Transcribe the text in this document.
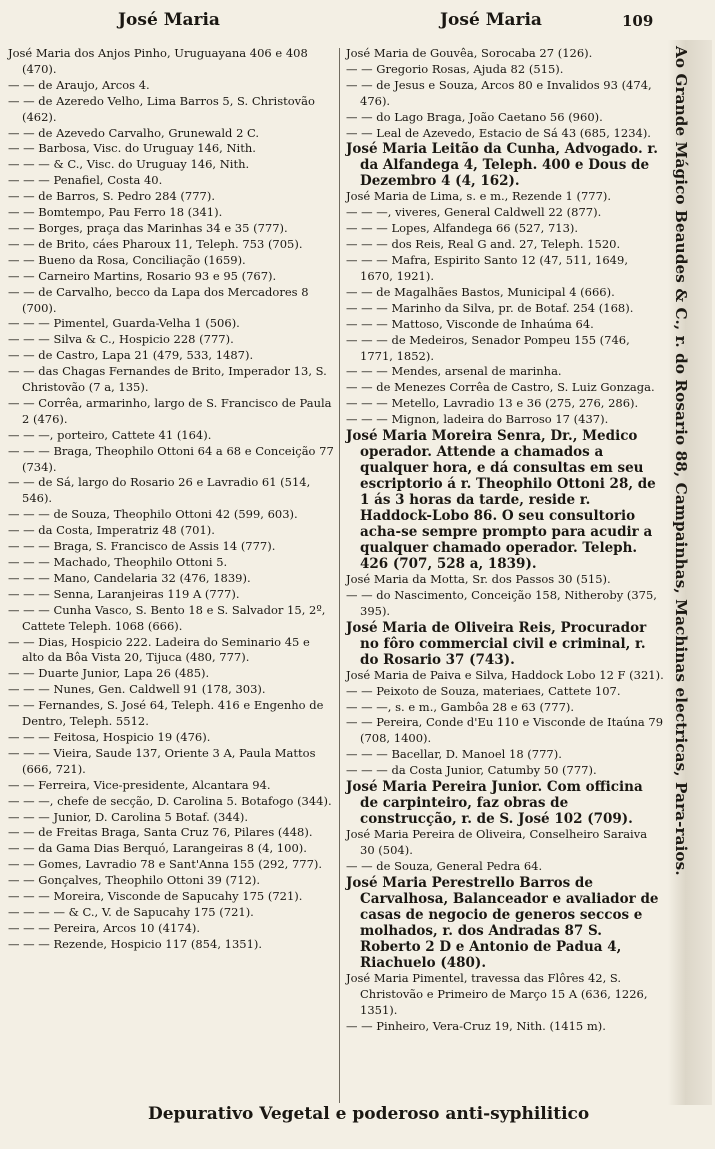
José Maria	José Maria	109

José Maria dos Anjos Pinho, Uruguayana 406 e 408 (470).

— — de Araujo, Arcos 4.

— — de Azeredo Velho, Lima Barros 5, S. Christovão (462).

— — de Azevedo Carvalho, Grunewald 2 C.

— — Barbosa, Visc. do Uruguay 146, Nith.

— — — & C., Visc. do Uruguay 146, Nith.

— — — Penafiel, Costa 40.

— — de Barros, S. Pedro 284 (777).

— — Bomtempo, Pau Ferro 18 (341).

— — Borges, praça das Marinhas 34 e 35 (777).

— — de Brito, cáes Pharoux 11, Teleph. 753 (705).

— — Bueno da Rosa, Conciliação (1659).

— — Carneiro Martins, Rosario 93 e 95 (767).

— — de Carvalho, becco da Lapa dos Mercadores 8 (700).

— — — Pimentel, Guarda-Velha 1 (506).

— — — Silva & C., Hospicio 228 (777).

— — de Castro, Lapa 21 (479, 533, 1487).

— — das Chagas Fernandes de Brito, Imperador 13, S. Christovão (7 a, 135).

— — Corrêa, armarinho, largo de S. Francisco de Paula 2 (476).

— — —, porteiro, Cattete 41 (164).

— — — Braga, Theophilo Ottoni 64 a 68 e Conceição 77 (734).

— — de Sá, largo do Rosario 26 e Lavradio 61 (514, 546).

— — — de Souza, Theophilo Ottoni 42 (599, 603).

— — da Costa, Imperatriz 48 (701).

— — — Braga, S. Francisco de Assis 14 (777).

— — — Machado, Theophilo Ottoni 5.

— — — Mano, Candelaria 32 (476, 1839).

— — — Senna, Laranjeiras 119 A (777).

— — — Cunha Vasco, S. Bento 18 e S. Salvador 15, 2º, Cattete Teleph. 1068 (666).

— — Dias, Hospicio 222. Ladeira do Seminario 45 e alto da Bôa Vista 20, Tijuca (480, 777).

— — Duarte Junior, Lapa 26 (485).

— — — Nunes, Gen. Caldwell 91 (178, 303).

— — Fernandes, S. José 64, Teleph. 416 e Engenho de Dentro, Teleph. 5512.

— — — Feitosa, Hospicio 19 (476).

— — — Vieira, Saude 137, Oriente 3 A, Paula Mattos (666, 721).

— — Ferreira, Vice-presidente, Alcantara 94.

— — —, chefe de secção, D. Carolina 5. Botafogo (344).

— — — Junior, D. Carolina 5 Botaf. (344).

— — de Freitas Braga, Santa Cruz 76, Pilares (448).

— — da Gama Dias Berquó, Larangeiras 8 (4, 100).

— — Gomes, Lavradio 78 e Sant'Anna 155 (292, 777).

— — Gonçalves, Theophilo Ottoni 39 (712).

— — — Moreira, Visconde de Sapucahy 175 (721).

— — — — & C., V. de Sapucahy 175 (721).

— — — Pereira, Arcos 10 (4174).

— — — Rezende, Hospicio 117 (854, 1351).

José Maria de Gouvêa, Sorocaba 27 (126).

— — Gregorio Rosas, Ajuda 82 (515).

— — de Jesus e Souza, Arcos 80 e Invalidos 93 (474, 476).

— — do Lago Braga, João Caetano 56 (960).

— — Leal de Azevedo, Estacio de Sá 43 (685, 1234).

José Maria Leitão da Cunha, Advogado. r. da Alfandega 4, Teleph. 400 e Dous de Dezembro 4 (4, 162).

José Maria de Lima, s. e m., Rezende 1 (777).

— — —, viveres, General Caldwell 22 (877).

— — — Lopes, Alfandega 66 (527, 713).

— — — dos Reis, Real G and. 27, Teleph. 1520.

— — — Mafra, Espirito Santo 12 (47, 511, 1649, 1670, 1921).

— — de Magalhães Bastos, Municipal 4 (666).

— — — Marinho da Silva, pr. de Botaf. 254 (168).

— — — Mattoso, Visconde de Inhaúma 64.

— — — de Medeiros, Senador Pompeu 155 (746, 1771, 1852).

— — — Mendes, arsenal de marinha.

— — de Menezes Corrêa de Castro, S. Luiz Gonzaga.

— — — Metello, Lavradio 13 e 36 (275, 276, 286).

— — — Mignon, ladeira do Barroso 17 (437).

José Maria Moreira Senra, Dr., Medico operador. Attende a chamados a qualquer hora, e dá consultas em seu escriptorio á r. Theophilo Ottoni 28, de 1 ás 3 horas da tarde, reside r. Haddock-Lobo 86. O seu consultorio acha-se sempre prompto para acudir a qualquer chamado operador. Teleph. 426 (707, 528 a, 1839).

José Maria da Motta, Sr. dos Passos 30 (515).

— — do Nascimento, Conceição 158, Nitheroby (375, 395).

José Maria de Oliveira Reis, Procurador no fôro commercial civil e criminal, r. do Rosario 37 (743).

José Maria de Paiva e Silva, Haddock Lobo 12 F (321).

— — Peixoto de Souza, materiaes, Cattete 107.

— — —, s. e m., Gambôa 28 e 63 (777).

— — Pereira, Conde d'Eu 110 e Visconde de Itaúna 79 (708, 1400).

— — — Bacellar, D. Manoel 18 (777).

— — — da Costa Junior, Catumby 50 (777).

José Maria Pereira Junior. Com officina de carpinteiro, faz obras de construcção, r. de S. José 102 (709).

José Maria Pereira de Oliveira, Conselheiro Saraiva 30 (504).

— — de Souza, General Pedra 64.

José Maria Perestrello Barros de Carvalhosa, Balanceador e avaliador de casas de negocio de generos seccos e molhados, r. dos Andradas 87 S. Roberto 2 D e Antonio de Padua 4, Riachuelo (480).

José Maria Pimentel, travessa das Flôres 42, S. Christovão e Primeiro de Março 15 A (636, 1226, 1351).

— — Pinheiro, Vera-Cruz 19, Nith. (1415 m).

Ao Grande Mágico Beaudes & C., r. do Rosario 88, Campainhas, Machinas electricas, Para-raios.
Depurativo Vegetal e poderoso anti-syphilitico
